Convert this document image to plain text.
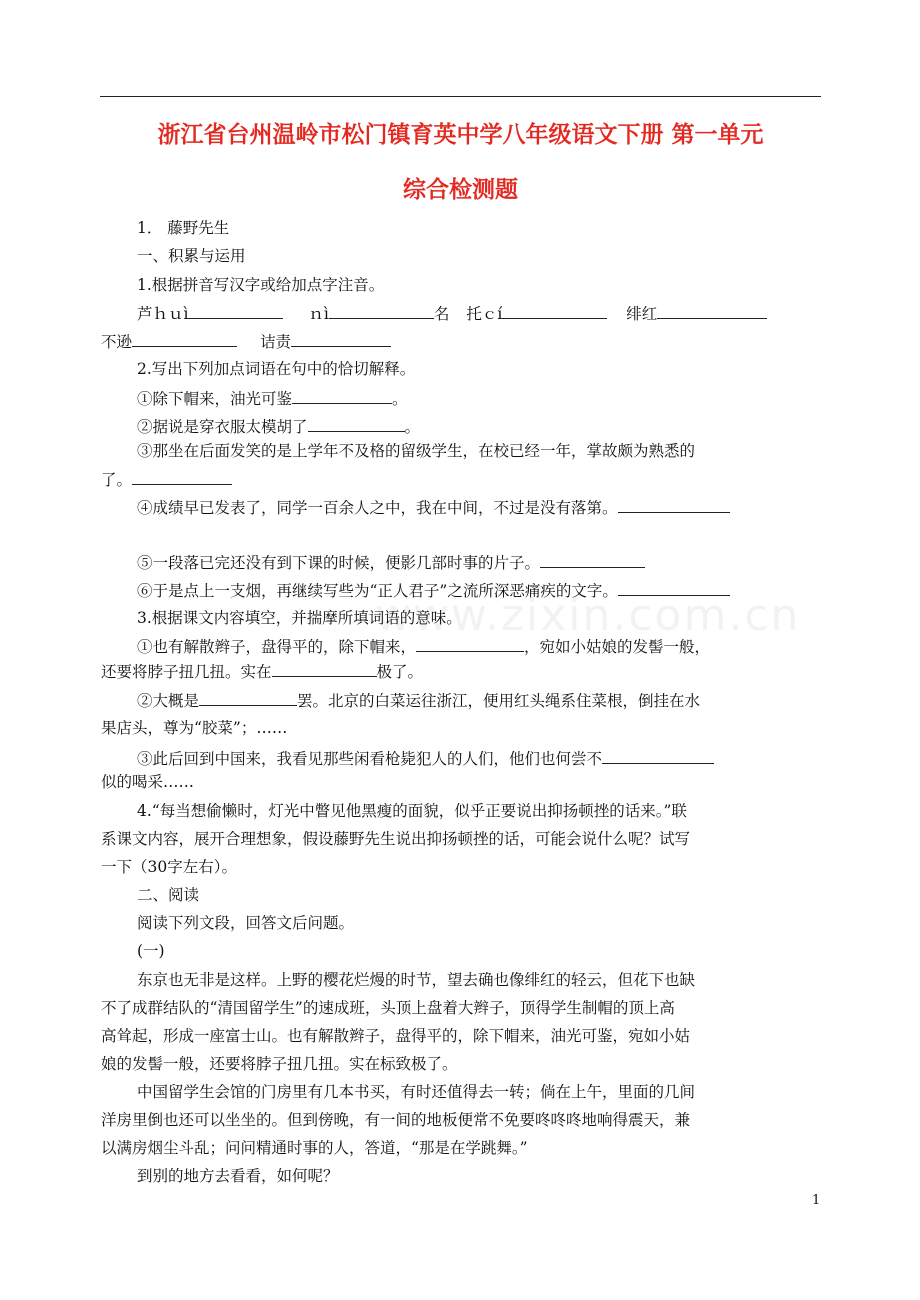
www.zixin.com.cn
浙江省台州温岭市松门镇育英中学八年级语文下册 第一单元
综合检测题
1． 藤野先生
一、积累与运用
1.根据拼音写汉字或给加点字注音。
芦ｈｕì	ｎì	名 托ｃí	绯红
不逊	诘责
2.写出下列加点词语在句中的恰切解释。
①除下帽来，油光可鉴	。
②据说是穿衣服太模胡了	。
③那坐在后面发笑的是上学年不及格的留级学生，在校已经一年，掌故颇为熟悉的
了。
④成绩早已发表了，同学一百余人之中，我在中间，不过是没有落第。
⑤一段落已完还没有到下课的时候，便影几部时事的片子。
⑥于是点上一支烟，再继续写些为“正人君子”之流所深恶痛疾的文字。
3.根据课文内容填空，并揣摩所填词语的意味。
①也有解散辫子，盘得平的，除下帽来，	，宛如小姑娘的发髻一般，
还要将脖子扭几扭。实在	极了。
②大概是	罢。北京的白菜运往浙江，便用红头绳系住菜根，倒挂在水
果店头，尊为“胶菜”；……
③此后回到中国来，我看见那些闲看枪毙犯人的人们，他们也何尝不
似的喝采……
4.“每当想偷懒时，灯光中瞥见他黑瘦的面貌，似乎正要说出抑扬顿挫的话来。”联
系课文内容，展开合理想象，假设藤野先生说出抑扬顿挫的话，可能会说什么呢？试写
一下（30字左右）。
二、阅读
阅读下列文段，回答文后问题。
(一)
东京也无非是这样。上野的樱花烂熳的时节，望去确也像绯红的轻云，但花下也缺
不了成群结队的“清国留学生”的速成班，头顶上盘着大辫子，顶得学生制帽的顶上高
高耸起，形成一座富士山。也有解散辫子，盘得平的，除下帽来，油光可鉴，宛如小姑
娘的发髻一般，还要将脖子扭几扭。实在标致极了。
中国留学生会馆的门房里有几本书买，有时还值得去一转；倘在上午，里面的几间
洋房里倒也还可以坐坐的。但到傍晚，有一间的地板便常不免要咚咚咚地响得震天，兼
以满房烟尘斗乱；问问精通时事的人，答道，“那是在学跳舞。”
到别的地方去看看，如何呢？
1
